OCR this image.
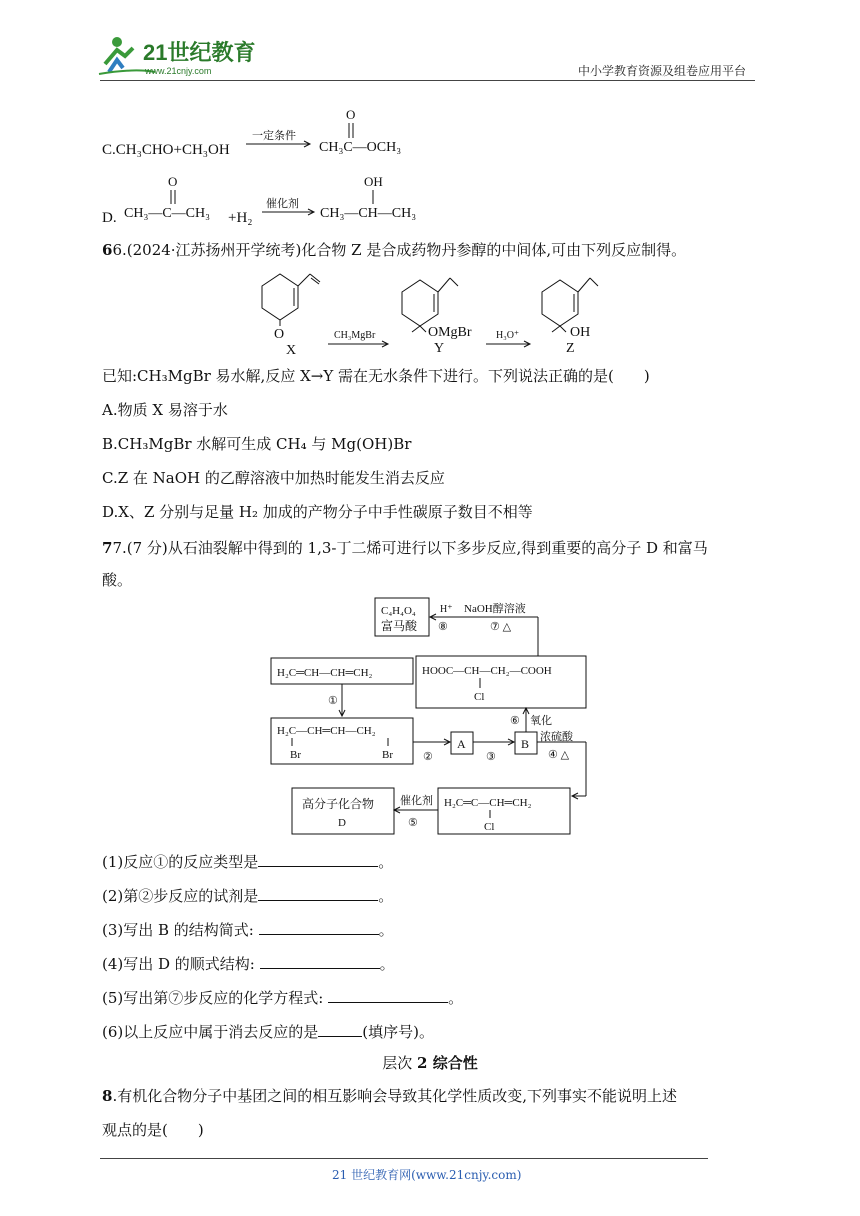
21世纪教育
www.21cnjy.com	中小学教育资源及组卷应用平台
C.CH₃CHO+CH₃OH
一定条件
CH₃C—OCH₃
O
D. CH₃—C—CH₃
O
+H₂
催化剂
CH₃—CH—CH₃
OH
66.(2024·江苏扬州开学统考)化合物 Z 是合成药物丹参醇的中间体,可由下列反应制得。
O
X
CH₃MgBr	OMgBr
Y
H₃O⁺	OH
Z
已知:CH₃MgBr 易水解,反应 X→Y 需在无水条件下进行。下列说法正确的是(　　)
A.物质 X 易溶于水
B.CH₃MgBr 水解可生成 CH₄ 与 Mg(OH)Br
C.Z 在 NaOH 的乙醇溶液中加热时能发生消去反应
D.X、Z 分别与足量 H₂ 加成的产物分子中手性碳原子数目不相等
77.(7 分)从石油裂解中得到的 1,3-丁二烯可进行以下多步反应,得到重要的高分子 D 和富马
酸。
C₄H₄O₄
富马酸
H⁺
⑧
NaOH醇溶液
⑦ △
H₂C═CH—CH═CH₂	HOOC—CH—CH₂—COOH
Cl
①
H₂C—CH═CH—CH₂
Br	Br	②
A
③
B
⑥ 氧化
浓硫酸
④ △
高分子化合物
D
催化剂
⑤
H₂C═C—CH═CH₂
Cl
(1)反应①的反应类型是	。
(2)第②步反应的试剂是	。
(3)写出 B 的结构简式:	。
(4)写出 D 的顺式结构:	。
(5)写出第⑦步反应的化学方程式:	。
(6)以上反应中属于消去反应的是	(填序号)。
层次 2 综合性
8.有机化合物分子中基团之间的相互影响会导致其化学性质改变,下列事实不能说明上述
观点的是(　　)
21 世纪教育网(www.21cnjy.com)
